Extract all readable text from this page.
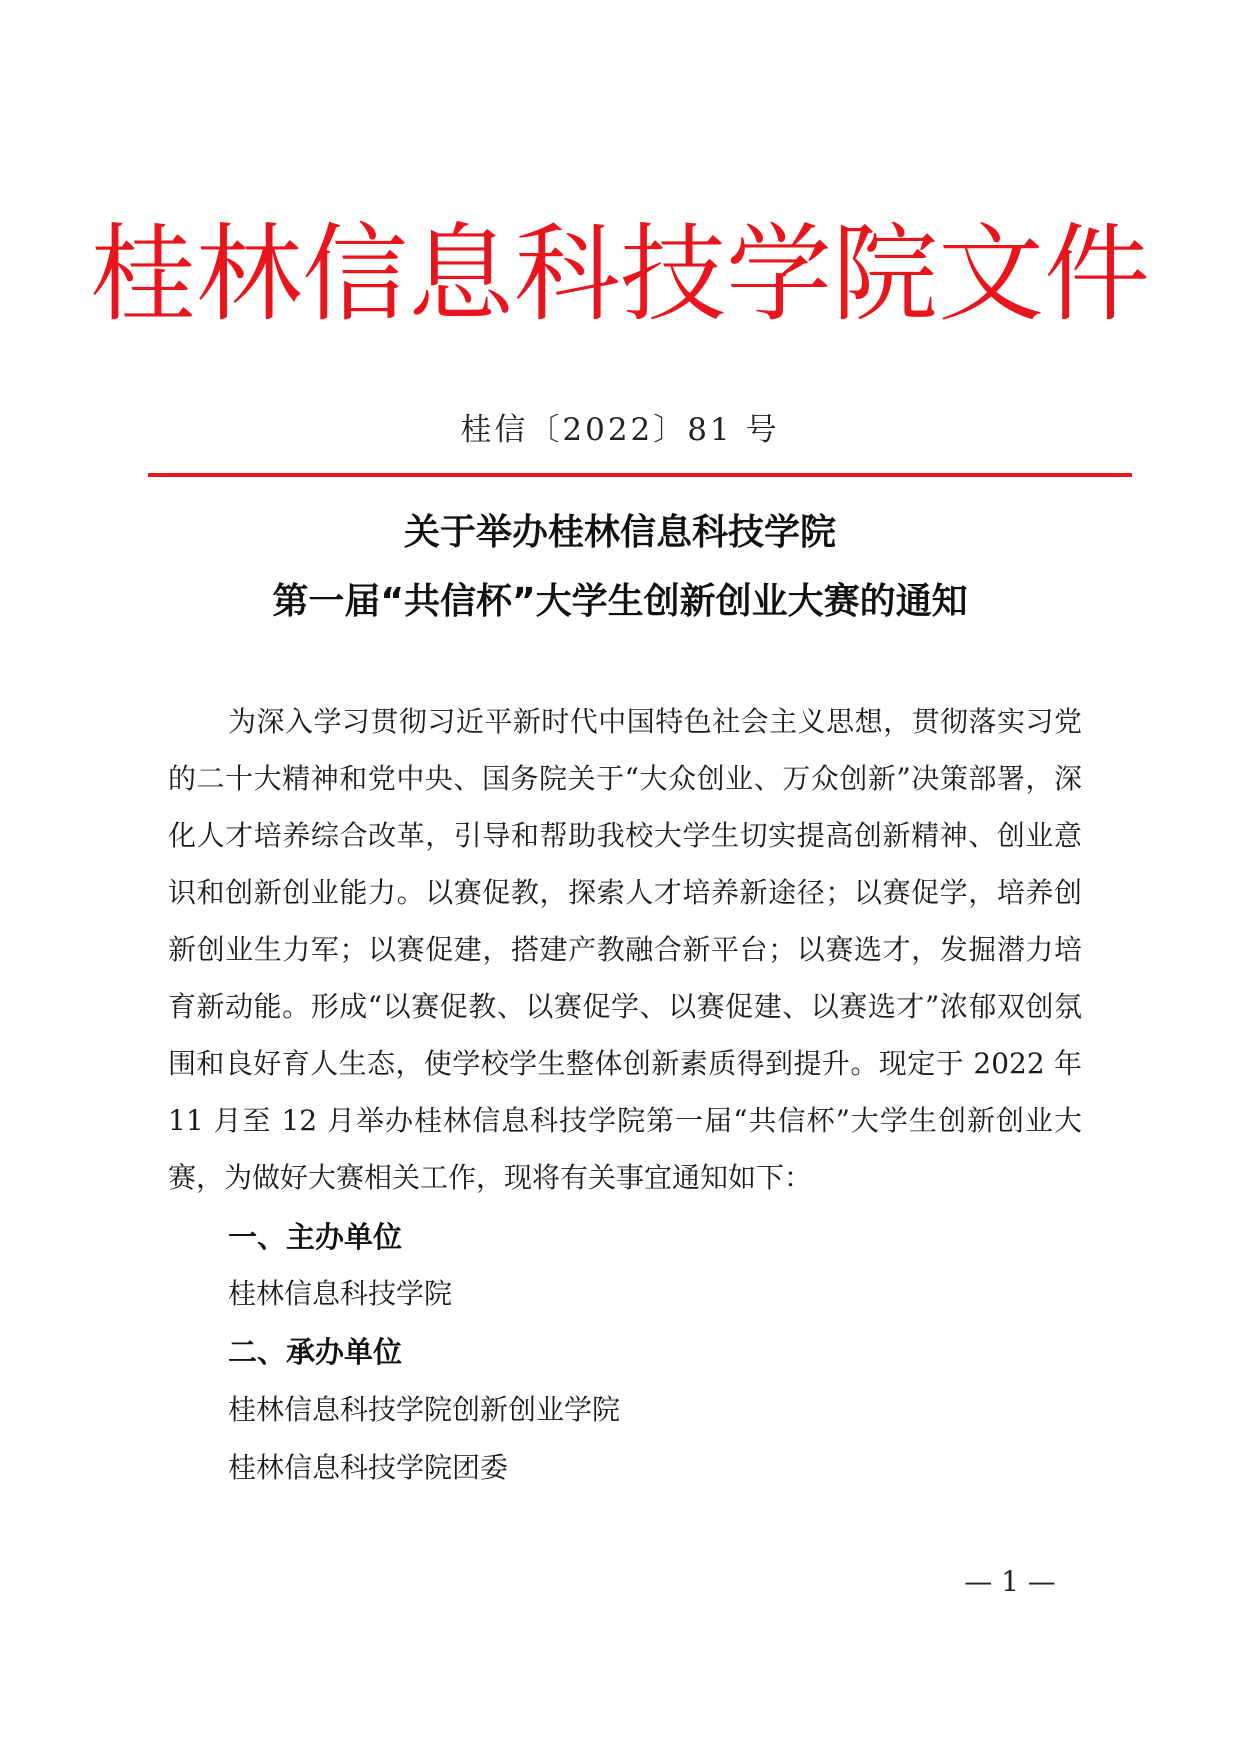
桂林信息科技学院文件
桂信〔2022〕81 号
关于举办桂林信息科技学院
第一届“共信杯”大学生创新创业大赛的通知
为深入学习贯彻习近平新时代中国特色社会主义思想，贯彻落实习党的二十大精神和党中央、国务院关于“大众创业、万众创新”决策部署，深化人才培养综合改革，引导和帮助我校大学生切实提高创新精神、创业意识和创新创业能力。以赛促教，探索人才培养新途径；以赛促学，培养创新创业生力军；以赛促建，搭建产教融合新平台；以赛选才，发掘潜力培育新动能。形成“以赛促教、以赛促学、以赛促建、以赛选才”浓郁双创氛围和良好育人生态，使学校学生整体创新素质得到提升。现定于 2022 年 11 月至 12 月举办桂林信息科技学院第一届“共信杯”大学生创新创业大赛，为做好大赛相关工作，现将有关事宜通知如下：
一、主办单位
桂林信息科技学院
二、承办单位
桂林信息科技学院创新创业学院
桂林信息科技学院团委
— 1 —
